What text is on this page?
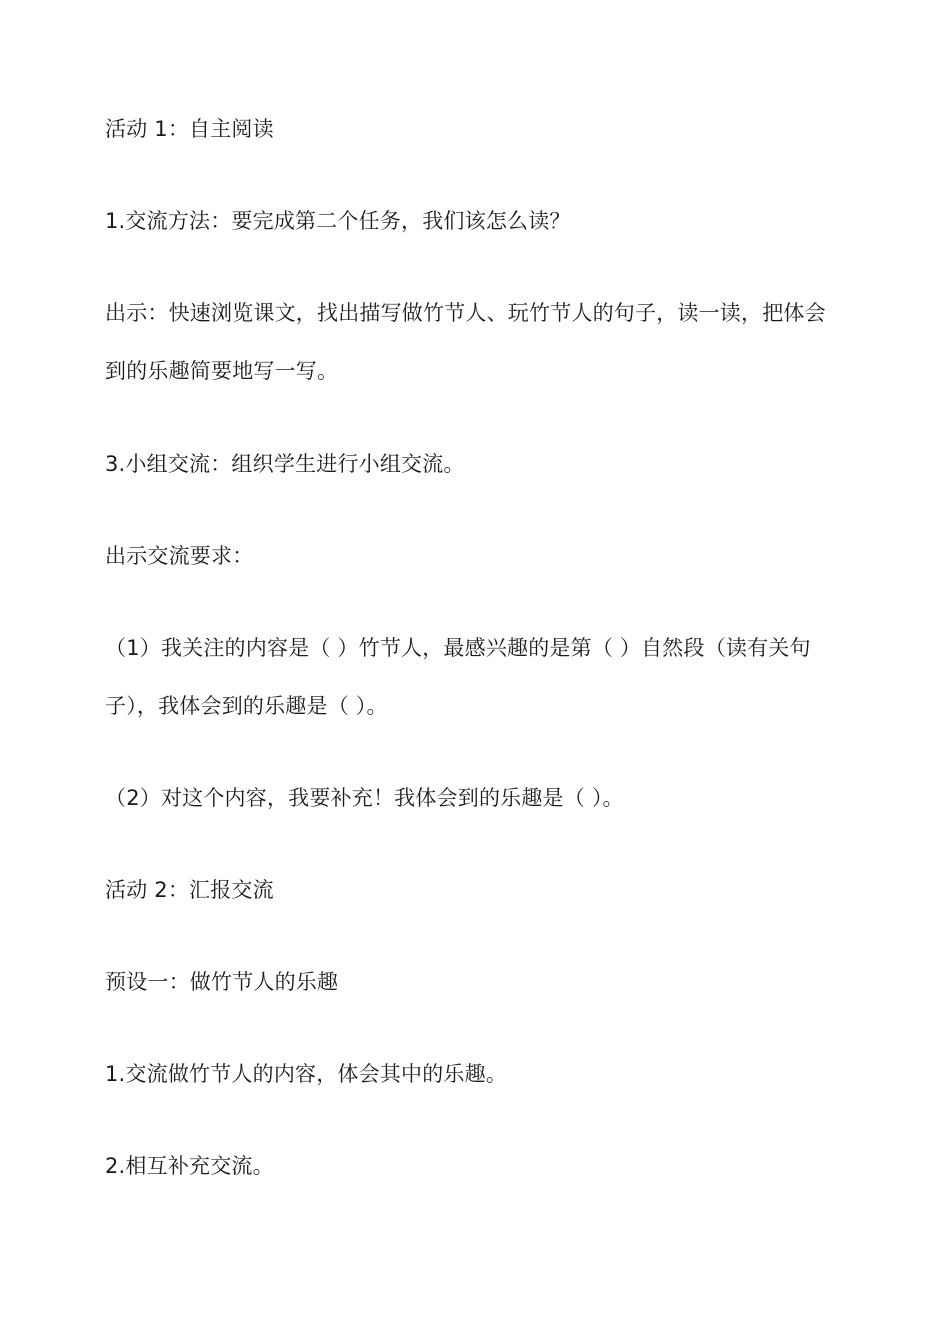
活动 1：自主阅读
1.交流方法：要完成第二个任务，我们该怎么读？
出示：快速浏览课文，找出描写做竹节人、玩竹节人的句子，读一读，把体会
到的乐趣简要地写一写。
3.小组交流：组织学生进行小组交流。
出示交流要求：
（1）我关注的内容是（ ）竹节人，最感兴趣的是第（ ）自然段（读有关句
子），我体会到的乐趣是（ ）。
（2）对这个内容，我要补充！我体会到的乐趣是（ ）。
活动 2：汇报交流
预设一：做竹节人的乐趣
1.交流做竹节人的内容，体会其中的乐趣。
2.相互补充交流。
